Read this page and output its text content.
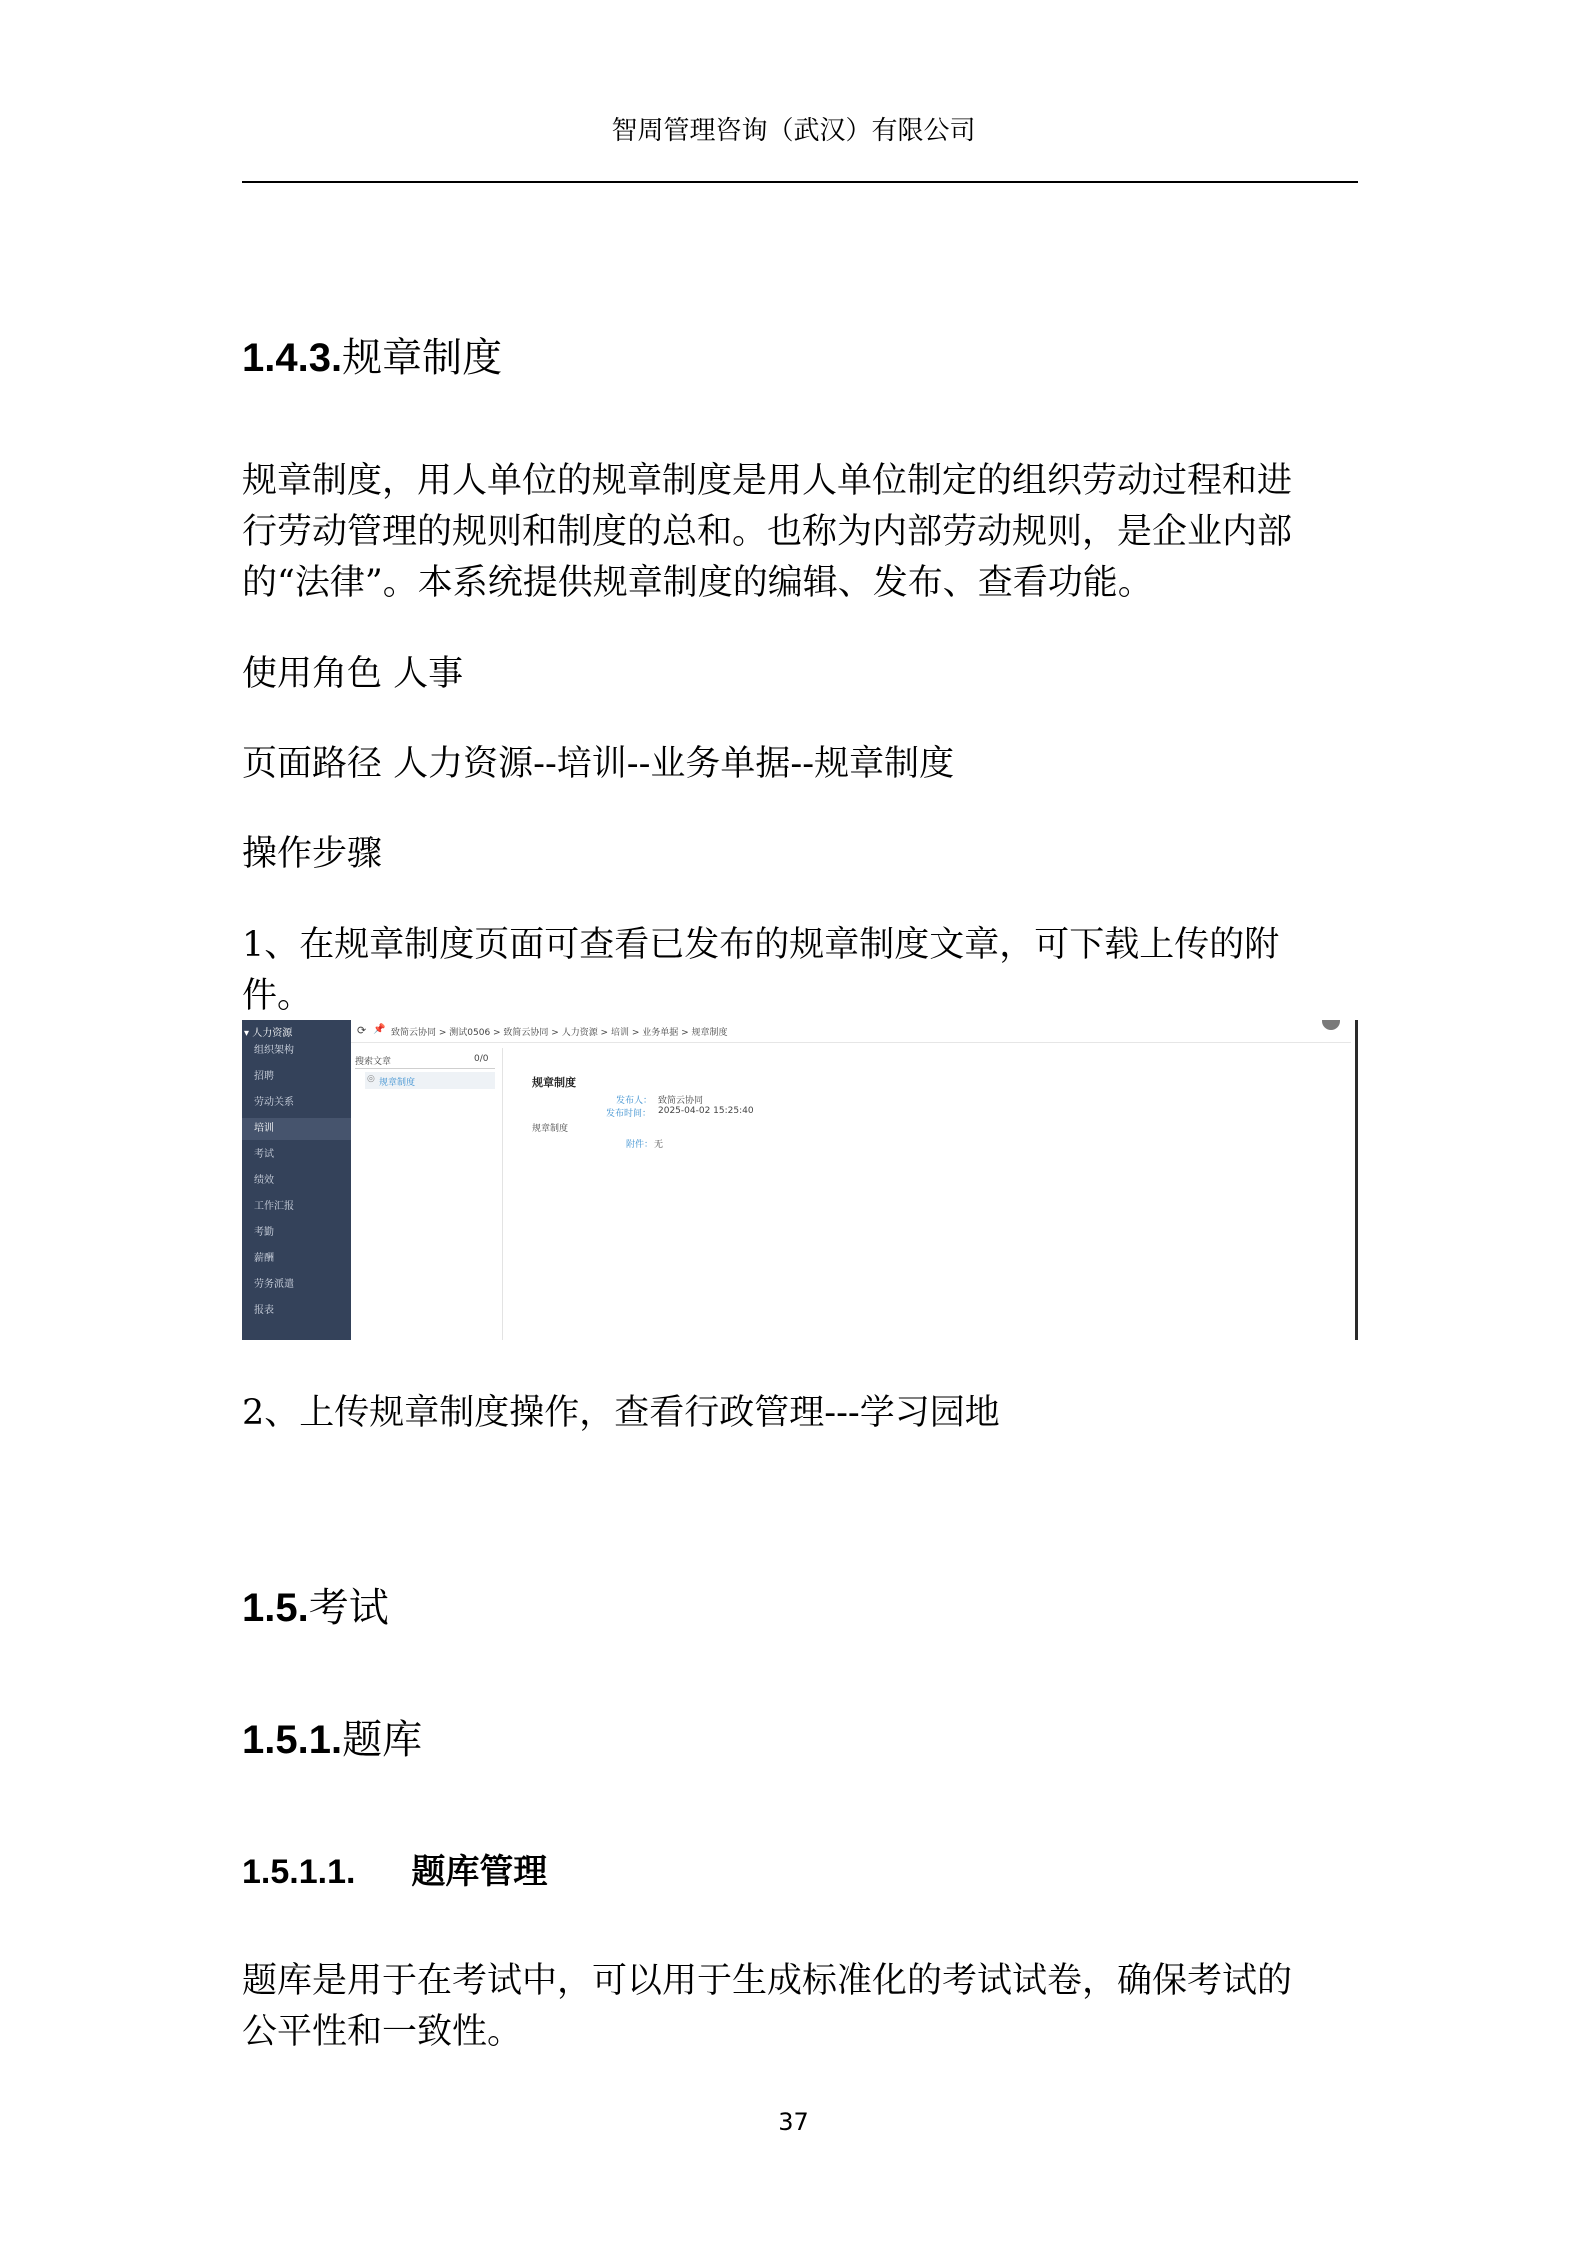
智周管理咨询（武汉）有限公司
1.4.3.规章制度
规章制度，用人单位的规章制度是用人单位制定的组织劳动过程和进
行劳动管理的规则和制度的总和。也称为内部劳动规则，是企业内部
的“法律”。本系统提供规章制度的编辑、发布、查看功能。
使用角色 人事
页面路径 人力资源--培训--业务单据--规章制度
操作步骤
1、在规章制度页面可查看已发布的规章制度文章，可下载上传的附
件。
▾ 人力资源
组织架构
招聘
劳动关系
培训
考试
绩效
工作汇报
考勤
薪酬
劳务派遣
报表
⟳ 📌 致简云协同 > 测试0506 > 致简云协同 > 人力资源 > 培训 > 业务单据 > 规章制度
搜索文章	0/0
◎ 规章制度	规章制度
发布人： 致简云协同
发布时间： 2025-04-02 15:25:40
规章制度
附件： 无
2、上传规章制度操作，查看行政管理---学习园地
1.5.考试
1.5.1.题库
1.5.1.1. 题库管理
题库是用于在考试中，可以用于生成标准化的考试试卷，确保考试的
公平性和一致性。
37
